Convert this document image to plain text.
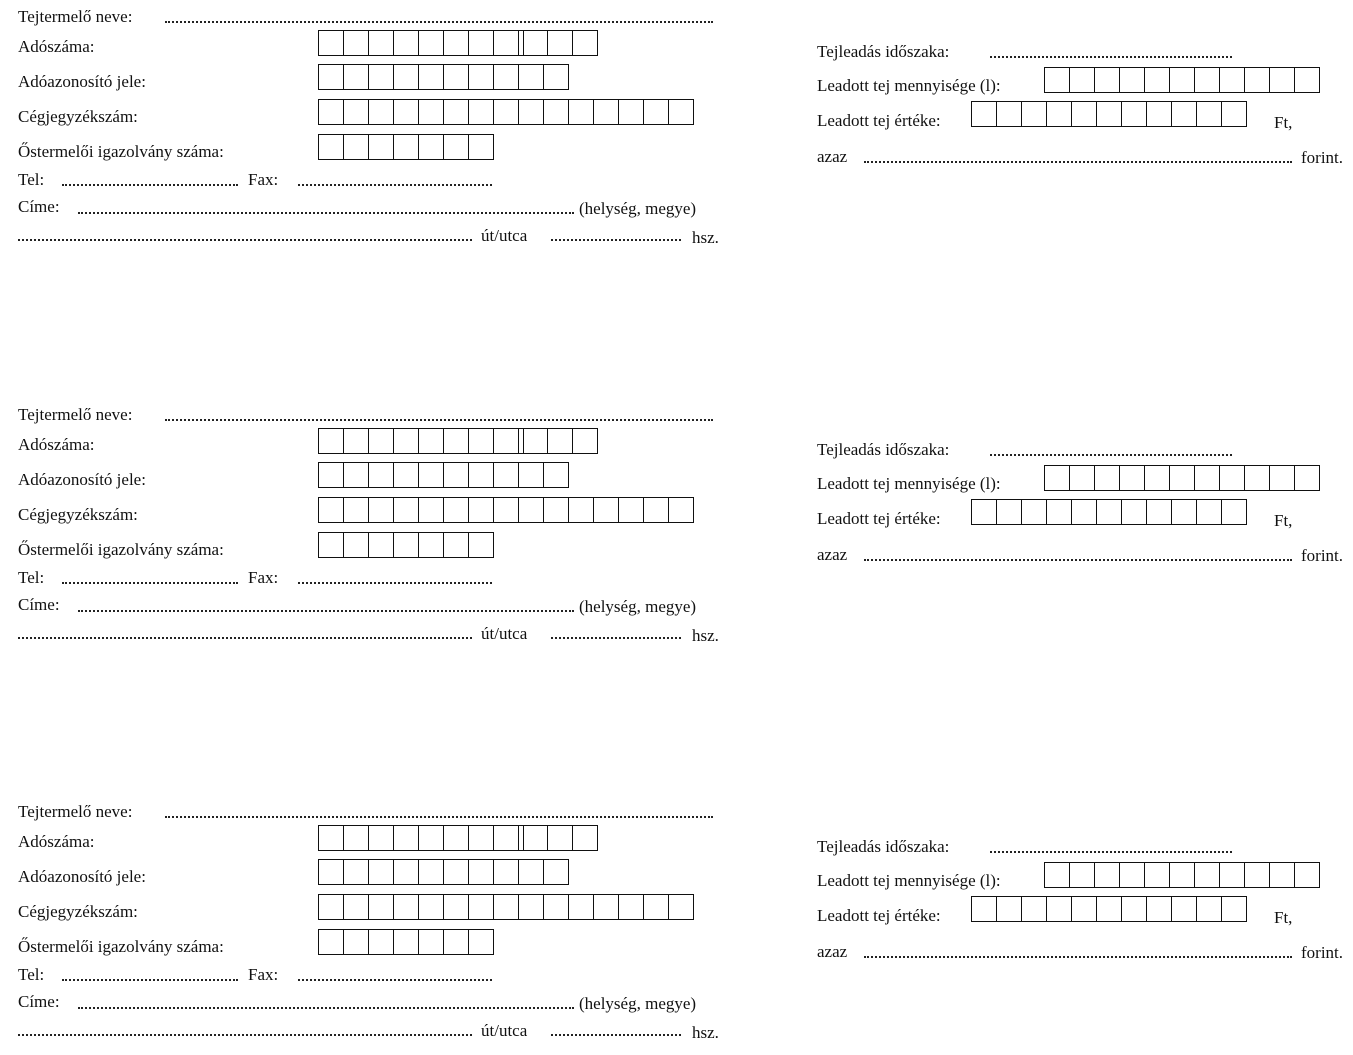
Tejtermelő neve:
Adószáma:
Adóazonosító jele:
Cégjegyzékszám:
Őstermelői igazolvány száma:
Tel:	Fax:
Címe:	(helység, megye)
út/utca	hsz.
Tejleadás időszaka:
Leadott tej mennyisége (l):
Leadott tej értéke:	Ft,
azaz	forint.
Tejtermelő neve:
Adószáma:
Adóazonosító jele:
Cégjegyzékszám:
Őstermelői igazolvány száma:
Tel:	Fax:
Címe:	(helység, megye)
út/utca	hsz.
Tejleadás időszaka:
Leadott tej mennyisége (l):
Leadott tej értéke:	Ft,
azaz	forint.
Tejtermelő neve:
Adószáma:
Adóazonosító jele:
Cégjegyzékszám:
Őstermelői igazolvány száma:
Tel:	Fax:
Címe:	(helység, megye)
út/utca	hsz.
Tejleadás időszaka:
Leadott tej mennyisége (l):
Leadott tej értéke:	Ft,
azaz	forint.
